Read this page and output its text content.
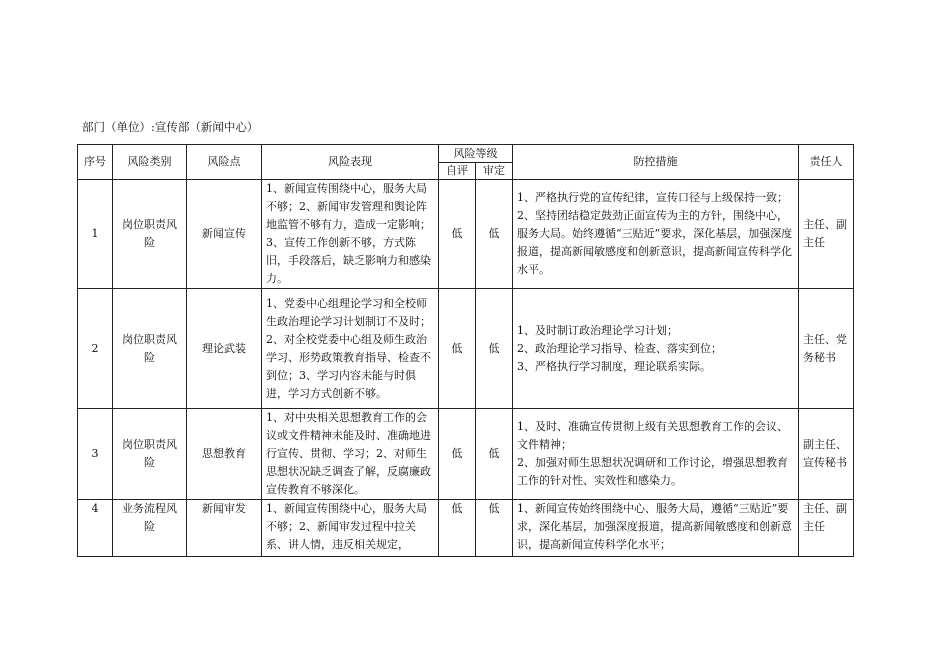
部门（单位）:宣传部（新闻中心）
序号	风险类别	风险点	风险表现	风险等级		防控措施	责任人
				自评	审定		
1	岗位职责风险	新闻宣传	1、新闻宣传围绕中心，服务大局不够；2、新闻审发管理和舆论阵地监管不够有力，造成一定影响；3、宣传工作创新不够，方式陈旧，手段落后，缺乏影响力和感染力。	低	低	1、严格执行党的宣传纪律，宣传口径与上级保持一致；
2、坚持团结稳定鼓劲正面宣传为主的方针，围绕中心，服务大局。始终遵循“三贴近”要求，深化基层，加强深度报道，提高新闻敏感度和创新意识，提高新闻宣传科学化水平。	主任、副主任
2	岗位职责风险	理论武装	1、党委中心组理论学习和全校师生政治理论学习计划制订不及时；2、对全校党委中心组及师生政治学习、形势政策教育指导、检查不到位；3、学习内容未能与时俱进，学习方式创新不够。	低	低	1、及时制订政治理论学习计划；
2、政治理论学习指导、检查、落实到位；
3、严格执行学习制度，理论联系实际。	主任、党务秘书
3	岗位职责风险	思想教育	1、对中央相关思想教育工作的会议或文件精神未能及时、准确地进行宣传、贯彻、学习；2、对师生思想状况缺乏调查了解，反腐廉政宣传教育不够深化。	低	低	1、及时、准确宣传贯彻上级有关思想教育工作的会议、文件精神；
2、加强对师生思想状况调研和工作讨论，增强思想教育工作的针对性、实效性和感染力。	副主任、宣传秘书
4	业务流程风险	新闻审发	1、新闻宣传围绕中心，服务大局不够；2、新闻审发过程中拉关系、讲人情，违反相关规定，	低	低	1、新闻宣传始终围绕中心、服务大局，遵循“三贴近”要求，深化基层，加强深度报道，提高新闻敏感度和创新意识，提高新闻宣传科学化水平；	主任、副主任
